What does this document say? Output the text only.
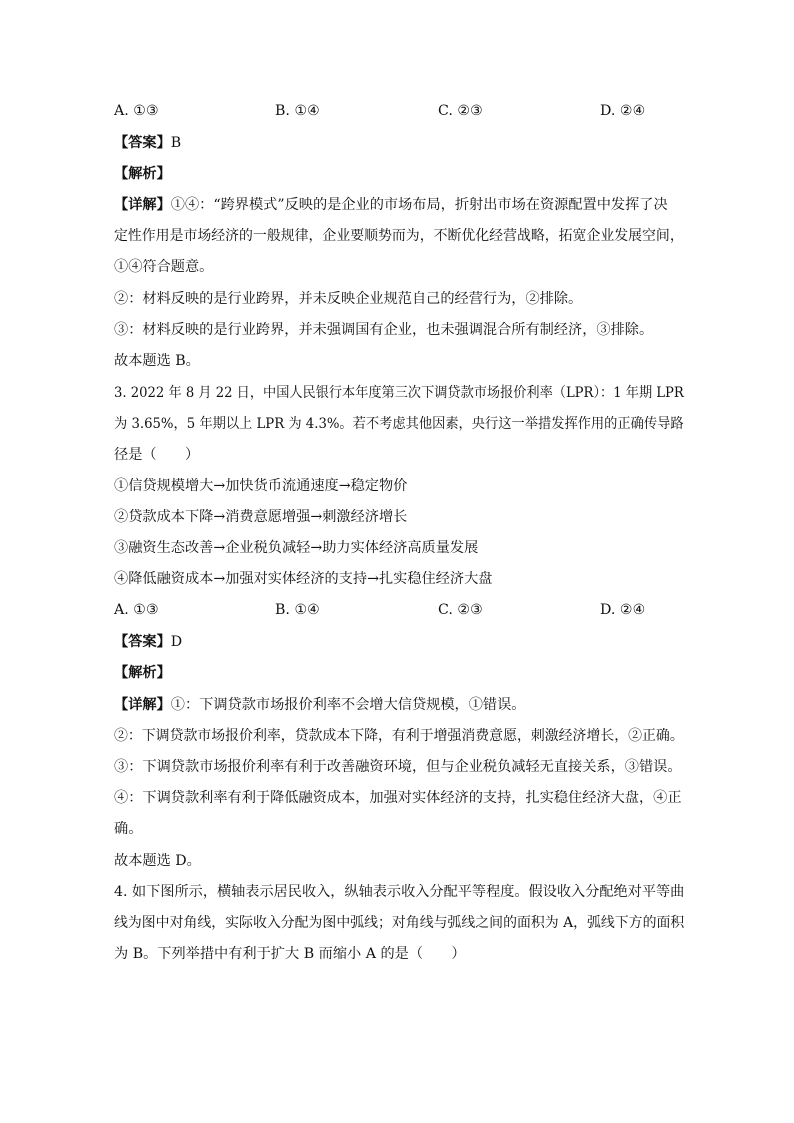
A. ①③	B. ①④	C. ②③	D. ②④
【答案】B
【解析】
【详解】①④：“跨界模式”反映的是企业的市场布局，折射出市场在资源配置中发挥了决
定性作用是市场经济的一般规律，企业要顺势而为，不断优化经营战略，拓宽企业发展空间，
①④符合题意。
②：材料反映的是行业跨界，并未反映企业规范自己的经营行为，②排除。
③：材料反映的是行业跨界，并未强调国有企业，也未强调混合所有制经济，③排除。
故本题选 B。
3. 2022 年 8 月 22 日，中国人民银行本年度第三次下调贷款市场报价利率（LPR）：1 年期 LPR
为 3.65%，5 年期以上 LPR 为 4.3%。若不考虑其他因素，央行这一举措发挥作用的正确传导路
径是（　　）
①信贷规模增大→加快货币流通速度→稳定物价
②贷款成本下降→消费意愿增强→刺激经济增长
③融资生态改善→企业税负减轻→助力实体经济高质量发展
④降低融资成本→加强对实体经济的支持→扎实稳住经济大盘
A. ①③	B. ①④	C. ②③	D. ②④
【答案】D
【解析】
【详解】①：下调贷款市场报价利率不会增大信贷规模，①错误。
②：下调贷款市场报价利率，贷款成本下降，有利于增强消费意愿，刺激经济增长，②正确。
③：下调贷款市场报价利率有利于改善融资环境，但与企业税负减轻无直接关系，③错误。
④：下调贷款利率有利于降低融资成本，加强对实体经济的支持，扎实稳住经济大盘，④正
确。
故本题选 D。
4. 如下图所示，横轴表示居民收入，纵轴表示收入分配平等程度。假设收入分配绝对平等曲
线为图中对角线，实际收入分配为图中弧线；对角线与弧线之间的面积为 A，弧线下方的面积
为 B。下列举措中有利于扩大 B 而缩小 A 的是（　　）
